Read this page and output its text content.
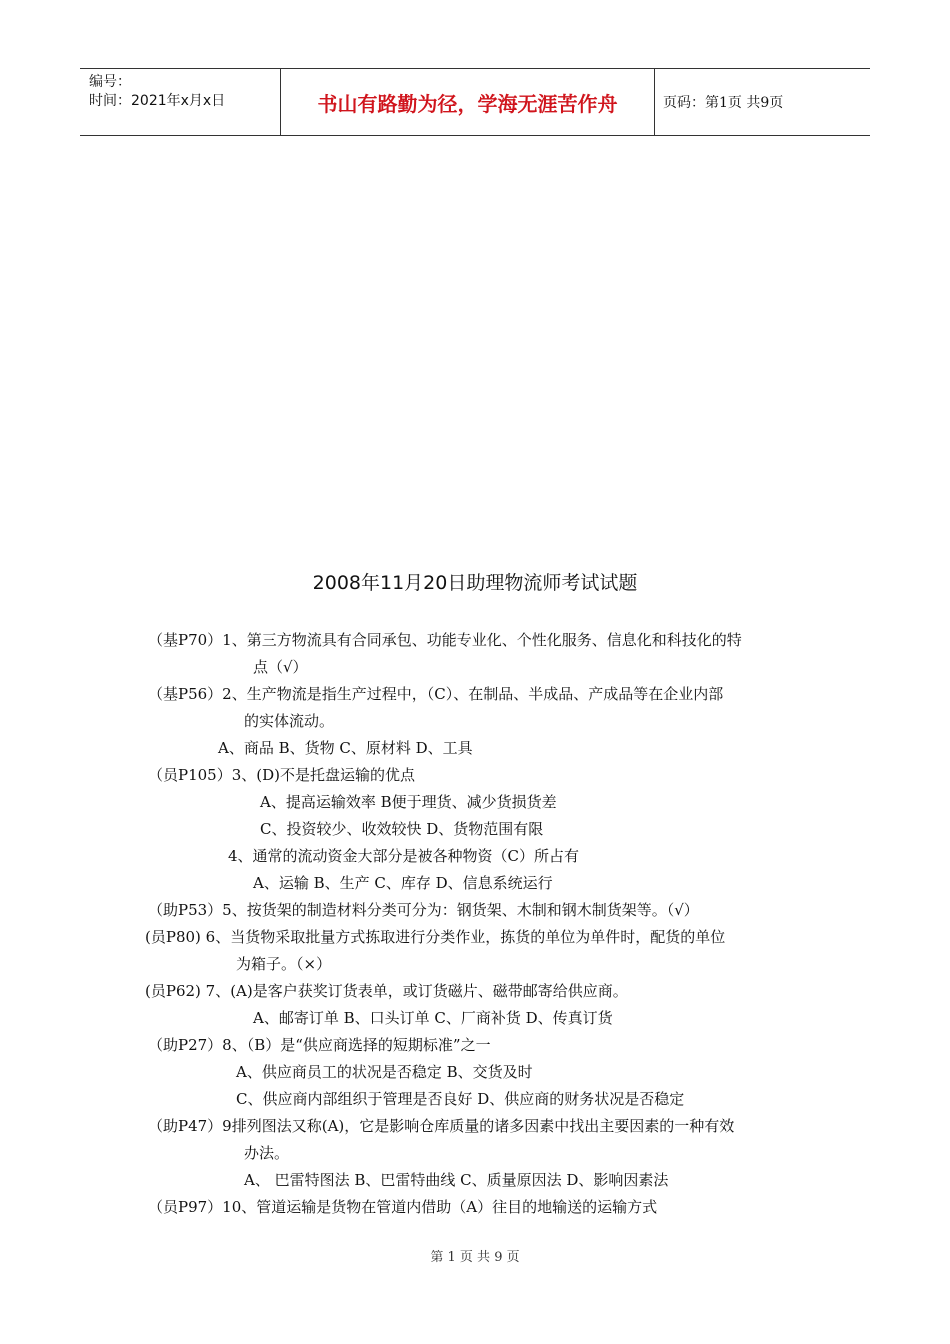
编号：
时间：2021年x月x日	书山有路勤为径，学海无涯苦作舟	页码：第1页 共9页
2008年11月20日助理物流师考试试题
（基P70）1、第三方物流具有合同承包、功能专业化、个性化服务、信息化和科技化的特
点（√）
（基P56）2、生产物流是指生产过程中，（C）、在制品、半成品、产成品等在企业内部
的实体流动。
A、商品 B、货物 C、原材料 D、工具
（员P105）3、(D)不是托盘运输的优点
A、提高运输效率 B便于理货、减少货损货差
C、投资较少、收效较快 D、货物范围有限
4、通常的流动资金大部分是被各种物资（C）所占有
A、运输 B、生产 C、库存 D、信息系统运行
（助P53）5、按货架的制造材料分类可分为：钢货架、木制和钢木制货架等。（√）
(员P80) 6、当货物采取批量方式拣取进行分类作业，拣货的单位为单件时，配货的单位
为箱子。（×）
(员P62) 7、(A)是客户获奖订货表单，或订货磁片、磁带邮寄给供应商。
A、邮寄订单 B、口头订单 C、厂商补货 D、传真订货
（助P27）8、（B）是“供应商选择的短期标准”之一
A、供应商员工的状况是否稳定 B、交货及时
C、供应商内部组织于管理是否良好 D、供应商的财务状况是否稳定
（助P47）9排列图法又称(A)，它是影响仓库质量的诸多因素中找出主要因素的一种有效
办法。
A、 巴雷特图法 B、巴雷特曲线 C、质量原因法 D、影响因素法
（员P97）10、管道运输是货物在管道内借助（A）往目的地输送的运输方式
第 1 页 共 9 页
